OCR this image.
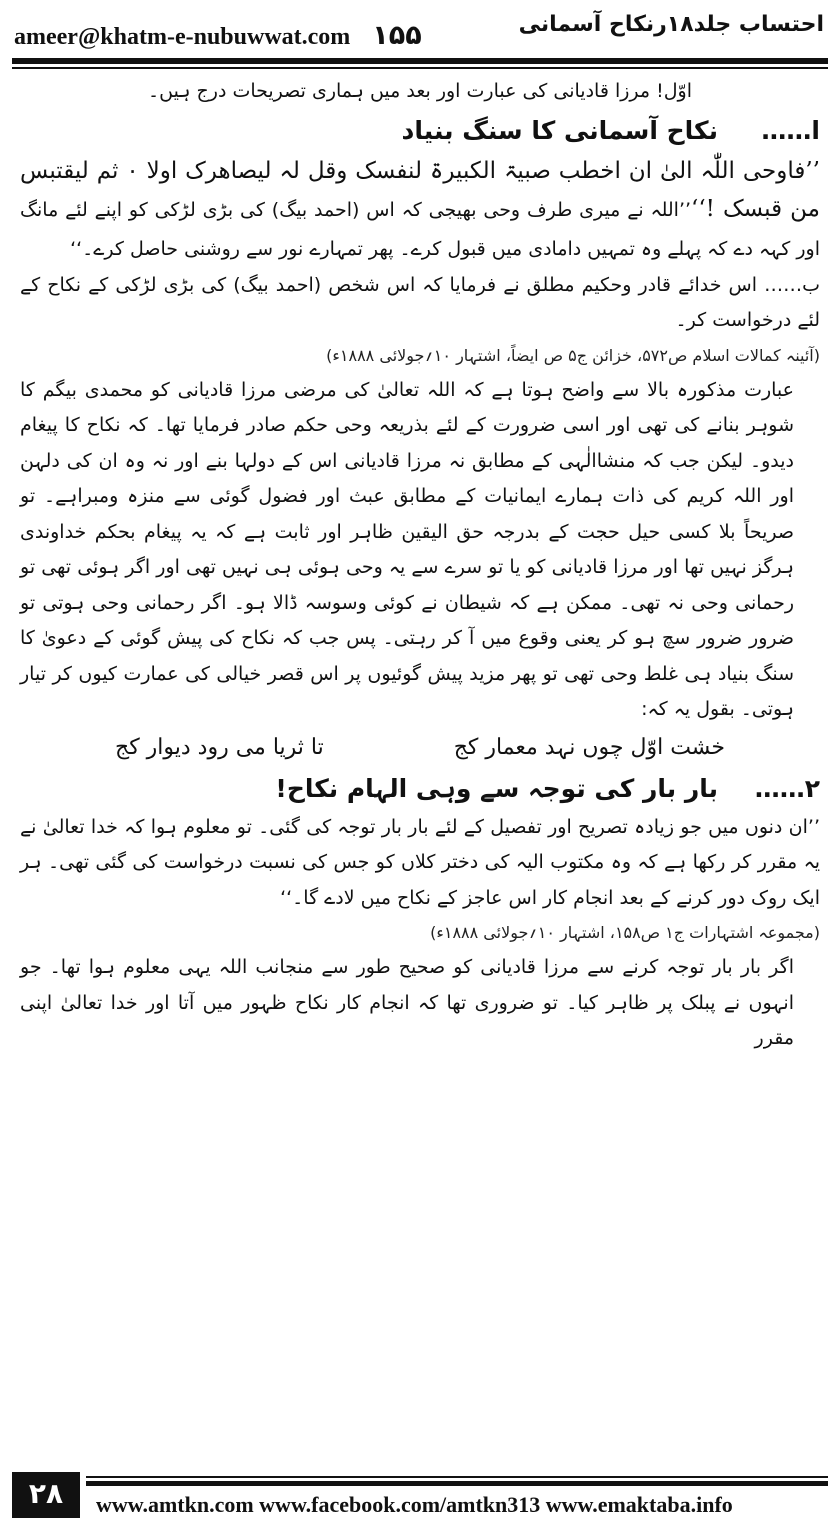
ameer@khatm-e-nubuwwat.com ۱۵۵	احتساب جلد۱۸رنکاح آسمانی

اوّل! مرزا قادیانی کی عبارت اور بعد میں ہماری تصریحات درج ہیں۔

ا……نکاح آسمانی کا سنگ بنیاد

’’فاوحی اللّٰہ الیٰ ان اخطب صبیۃ الکبیرۃ لنفسک وقل لہ لیصاھرک اولا ۰ ثم لیقتبس من قبسک !‘‘’’اللہ نے میری طرف وحی بھیجی کہ اس (احمد بیگ) کی بڑی لڑکی کو اپنے لئے مانگ اور کہہ دے کہ پہلے وہ تمہیں دامادی میں قبول کرے۔ پھر تمہارے نور سے روشنی حاصل کرے۔‘‘

ب…… اس خدائے قادر وحکیم مطلق نے فرمایا کہ اس شخص (احمد بیگ) کی بڑی لڑکی کے نکاح کے لئے درخواست کر۔

(آئینہ کمالات اسلام ص۵۷۲، خزائن ج۵ ص ایضاً، اشتہار ۱۰؍جولائی ۱۸۸۸ء)

عبارت مذکورہ بالا سے واضح ہوتا ہے کہ اللہ تعالیٰ کی مرضی مرزا قادیانی کو محمدی بیگم کا شوہر بنانے کی تھی اور اسی ضرورت کے لئے بذریعہ وحی حکم صادر فرمایا تھا۔ کہ نکاح کا پیغام دیدو۔ لیکن جب کہ منشاالٰہی کے مطابق نہ مرزا قادیانی اس کے دولہا بنے اور نہ وہ ان کی دلہن اور اللہ کریم کی ذات ہمارے ایمانیات کے مطابق عبث اور فضول گوئی سے منزہ ومبراہے۔ تو صریحاً بلا کسی حیل حجت کے بدرجہ حق الیقین ظاہر اور ثابت ہے کہ یہ پیغام بحکم خداوندی ہرگز نہیں تھا اور مرزا قادیانی کو یا تو سرے سے یہ وحی ہوئی ہی نہیں تھی اور اگر ہوئی تھی تو رحمانی وحی نہ تھی۔ ممکن ہے کہ شیطان نے کوئی وسوسہ ڈالا ہو۔ اگر رحمانی وحی ہوتی تو ضرور ضرور سچ ہو کر یعنی وقوع میں آ کر رہتی۔ پس جب کہ نکاح کی پیش گوئی کے دعویٰ کا سنگ بنیاد ہی غلط وحی تھی تو پھر مزید پیش گوئیوں پر اس قصر خیالی کی عمارت کیوں کر تیار ہوتی۔ بقول یہ کہ:

خشت اوّل چوں نہد معمار کج
تا ثریا می رود دیوار کج
۲……بار بار کی توجہ سے وہی الہام نکاح!

’’ان دنوں میں جو زیادہ تصریح اور تفصیل کے لئے بار بار توجہ کی گئی۔ تو معلوم ہوا کہ خدا تعالیٰ نے یہ مقرر کر رکھا ہے کہ وہ مکتوب الیہ کی دختر کلاں کو جس کی نسبت درخواست کی گئی تھی۔ ہر ایک روک دور کرنے کے بعد انجام کار اس عاجز کے نکاح میں لادے گا۔‘‘

(مجموعہ اشتہارات ج۱ ص۱۵۸، اشتہار ۱۰؍جولائی ۱۸۸۸ء)

اگر بار بار توجہ کرنے سے مرزا قادیانی کو صحیح طور سے منجانب اللہ یہی معلوم ہوا تھا۔ جو انہوں نے پبلک پر ظاہر کیا۔ تو ضروری تھا کہ انجام کار نکاح ظہور میں آتا اور خدا تعالیٰ اپنی مقرر

۲۸	www.amtkn.com www.facebook.com/amtkn313 www.emaktaba.info
